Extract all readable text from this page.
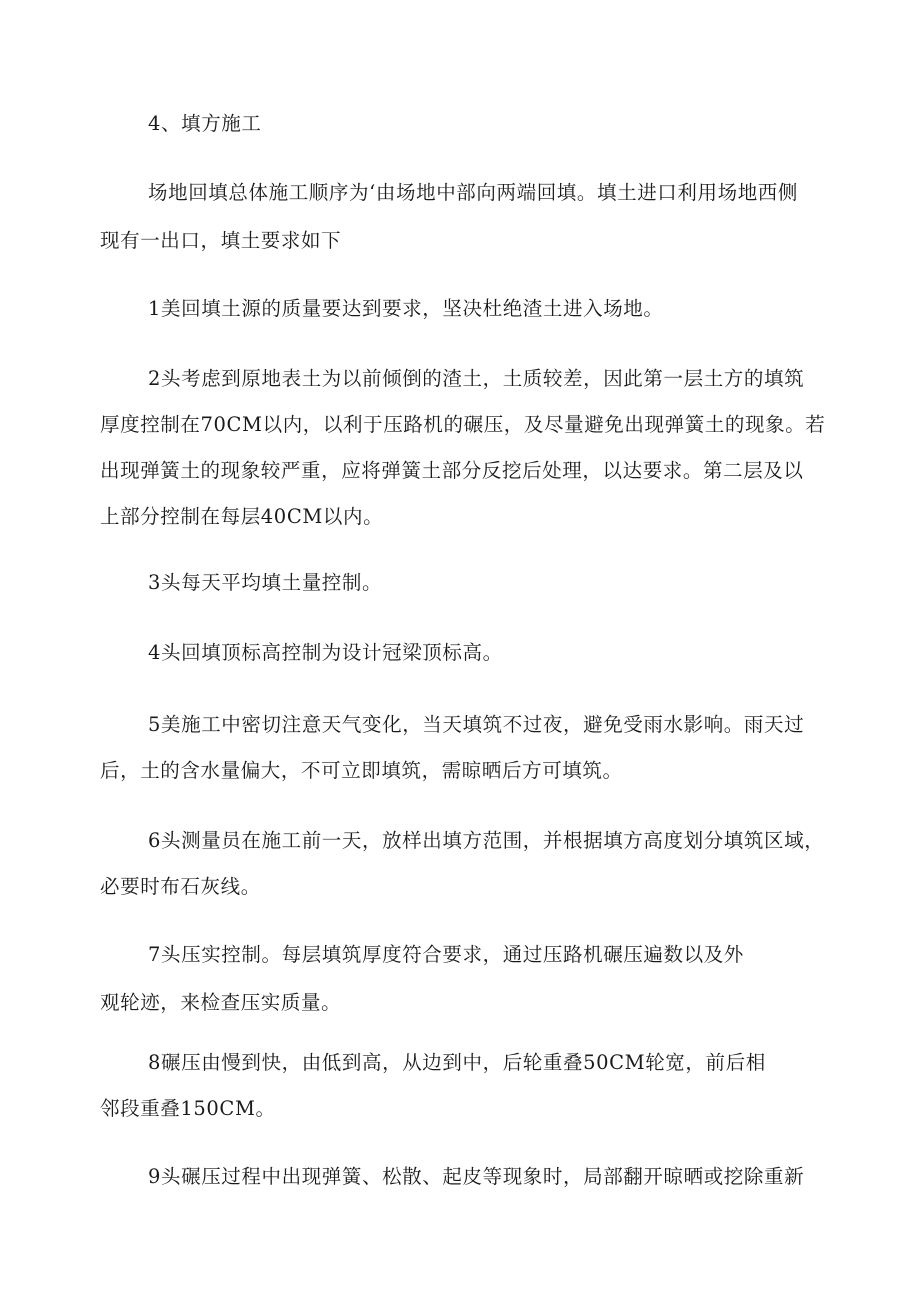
4、填方施工
场地回填总体施工顺序为‘由场地中部向两端回填。填土进口利用场地西侧
现有一出口，填土要求如下
1美回填土源的质量要达到要求，坚决杜绝渣土进入场地。
2头考虑到原地表土为以前倾倒的渣土，土质较差，因此第一层土方的填筑
厚度控制在70CM以内，以利于压路机的碾压，及尽量避免出现弹簧土的现象。若
出现弹簧土的现象较严重，应将弹簧土部分反挖后处理，以达要求。第二层及以
上部分控制在每层40CM以内。
3头每天平均填土量控制。
4头回填顶标高控制为设计冠梁顶标高。
5美施工中密切注意天气变化，当天填筑不过夜，避免受雨水影响。雨天过
后，土的含水量偏大，不可立即填筑，需晾晒后方可填筑。
6头测量员在施工前一天，放样出填方范围，并根据填方高度划分填筑区域，
必要时布石灰线。
7头压实控制。每层填筑厚度符合要求，通过压路机碾压遍数以及外
观轮迹，来检查压实质量。
8碾压由慢到快，由低到高，从边到中，后轮重叠50CM轮宽，前后相
邻段重叠150CM。
9头碾压过程中出现弹簧、松散、起皮等现象时，局部翻开晾晒或挖除重新
